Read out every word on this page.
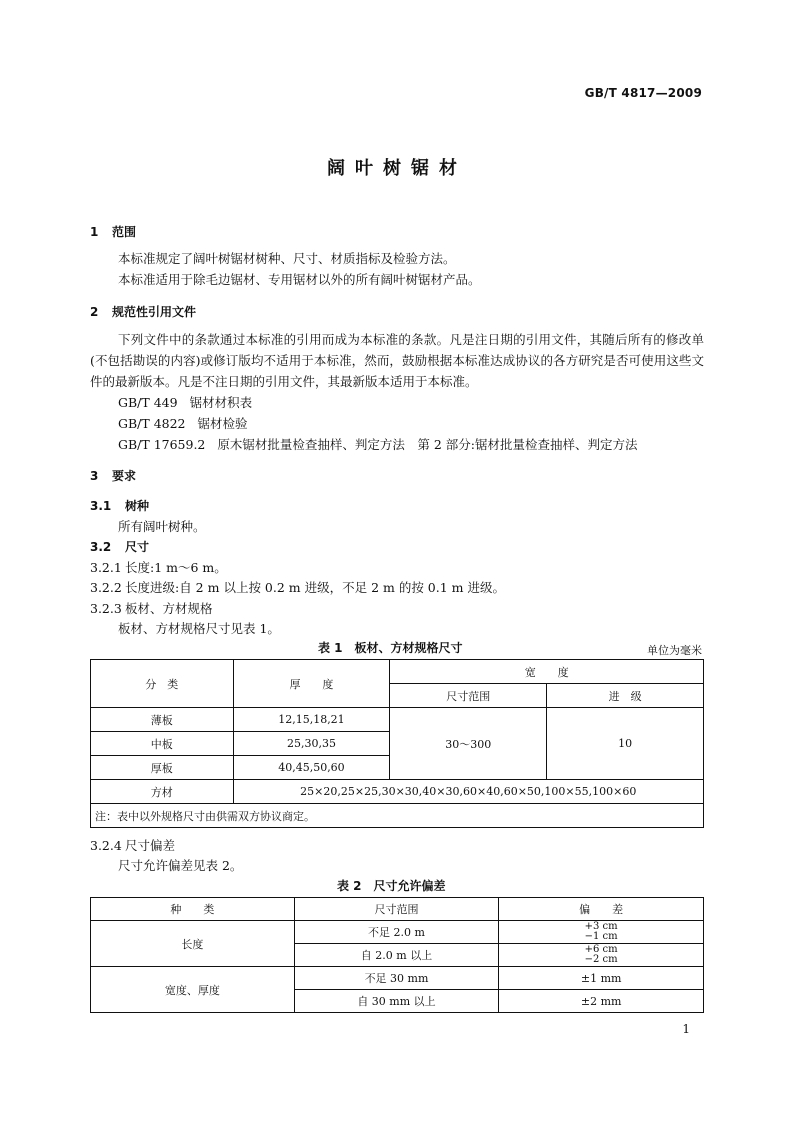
GB/T 4817—2009
阔叶树锯材
1 范围
本标准规定了阔叶树锯材树种、尺寸、材质指标及检验方法。
本标准适用于除毛边锯材、专用锯材以外的所有阔叶树锯材产品。
2 规范性引用文件
下列文件中的条款通过本标准的引用而成为本标准的条款。凡是注日期的引用文件，其随后所有的修改单(不包括勘误的内容)或修订版均不适用于本标准，然而，鼓励根据本标准达成协议的各方研究是否可使用这些文件的最新版本。凡是不注日期的引用文件，其最新版本适用于本标准。
GB/T 449 锯材材积表
GB/T 4822 锯材检验
GB/T 17659.2 原木锯材批量检查抽样、判定方法　第 2 部分:锯材批量检查抽样、判定方法
3 要求
3.1 树种
所有阔叶树种。
3.2 尺寸
3.2.1 长度:1 m～6 m。
3.2.2 长度进级:自 2 m 以上按 0.2 m 进级，不足 2 m 的按 0.1 m 进级。
3.2.3 板材、方材规格
板材、方材规格尺寸见表 1。
表 1　板材、方材规格尺寸	单位为毫米
分　类	厚　　度	宽　　度	
		尺寸范围	进　级
薄板	12,15,18,21	30～300	10
中板	25,30,35		
厚板	40,45,50,60		
方材	25×20,25×25,30×30,40×30,60×40,60×50,100×55,100×60		
注：表中以外规格尺寸由供需双方协议商定。			
3.2.4 尺寸偏差
尺寸允许偏差见表 2。
表 2　尺寸允许偏差
种　　类	尺寸范围	偏　　差
长度	不足 2.0 m	+3 cm
−1 cm

	自 2.0 m 以上	+6 cm
−2 cm

宽度、厚度	不足 30 mm	±1 mm
	自 30 mm 以上	±2 mm
1
